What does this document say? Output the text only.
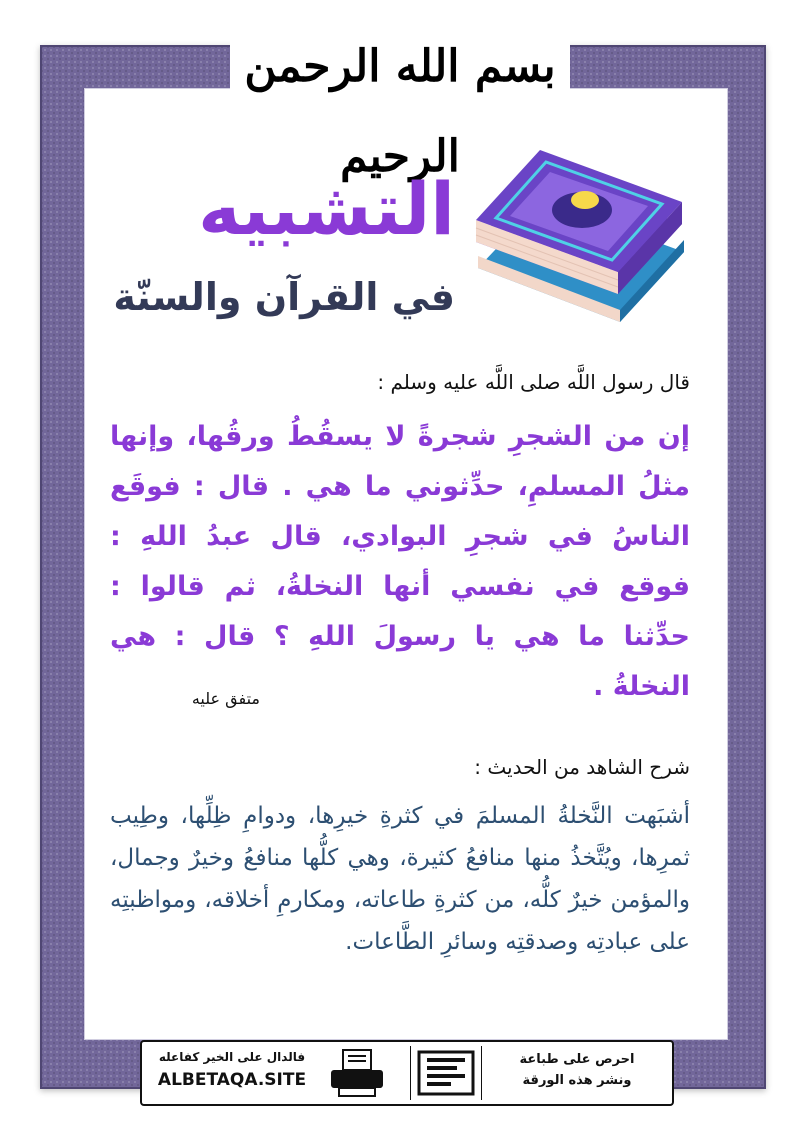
بسم الله الرحمن الرحيم
التشبيه
في القرآن والسنّة
قال رسول اللَّه صلى اللَّه عليه وسلم :
إن من الشجرِ شجرةً لا يسقُطُ ورقُها، وإنها مثلُ المسلمِ، حدِّثوني ما هي . قال : فوقَع الناسُ في شجرِ البوادي، قال عبدُ اللهِ : فوقع في نفسي أنها النخلةُ، ثم قالوا : حدِّثنا ما هي يا رسولَ اللهِ ؟ قال : هي النخلةُ .
متفق عليه
شرح الشاهد من الحديث :
أشبَهت النَّخلةُ المسلمَ في كثرةِ خيرِها، ودوامِ ظِلِّها، وطِيب ثمرِها، ويُتَّخذُ منها منافعُ كثيرة، وهي كلُّها منافعُ وخيرٌ وجمال، والمؤمن خيرٌ كلُّه، من كثرةِ طاعاته، ومكارمِ أخلاقه، ومواظبتِه على عبادتِه وصدقتِه وسائرِ الطَّاعات.
احرص على طباعة
ونشر هذه الورقة
فالدال على الخير كفاعله
ALBETAQA.SITE
